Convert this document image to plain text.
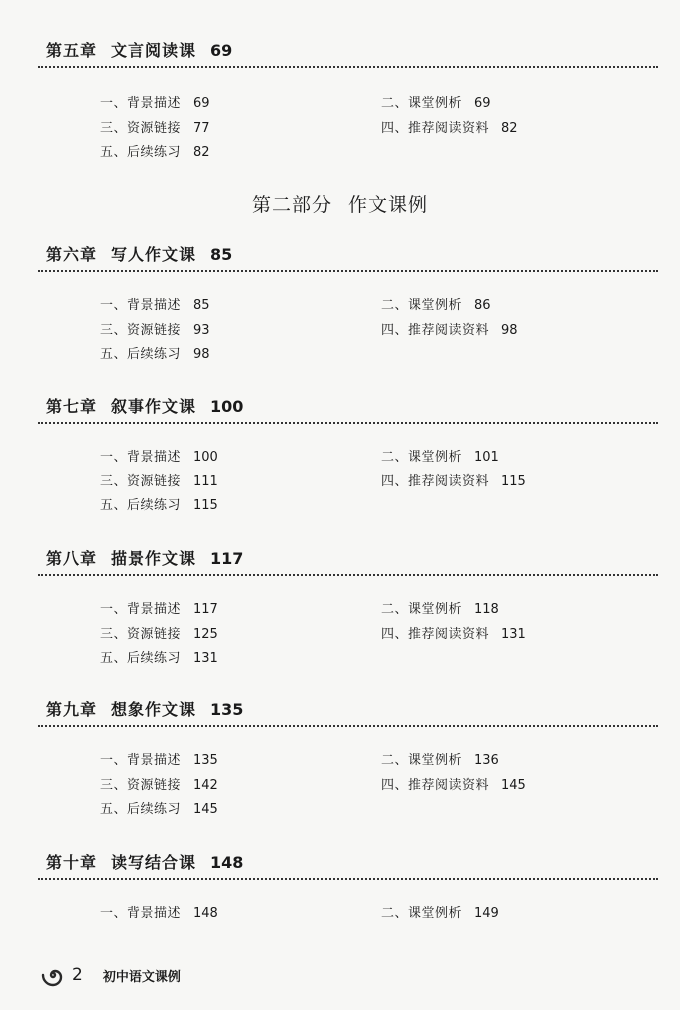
第五章 文言阅读课 69
一、背景描述 69	二、课堂例析 69
三、资源链接 77	四、推荐阅读资料 82
五、后续练习 82
第二部分 作文课例
第六章 写人作文课 85
一、背景描述 85	二、课堂例析 86
三、资源链接 93	四、推荐阅读资料 98
五、后续练习 98
第七章 叙事作文课 100
一、背景描述 100	二、课堂例析 101
三、资源链接 111	四、推荐阅读资料 115
五、后续练习 115
第八章 描景作文课 117
一、背景描述 117	二、课堂例析 118
三、资源链接 125	四、推荐阅读资料 131
五、后续练习 131
第九章 想象作文课 135
一、背景描述 135	二、课堂例析 136
三、资源链接 142	四、推荐阅读资料 145
五、后续练习 145
第十章 读写结合课 148
一、背景描述 148	二、课堂例析 149
2 初中语文课例
